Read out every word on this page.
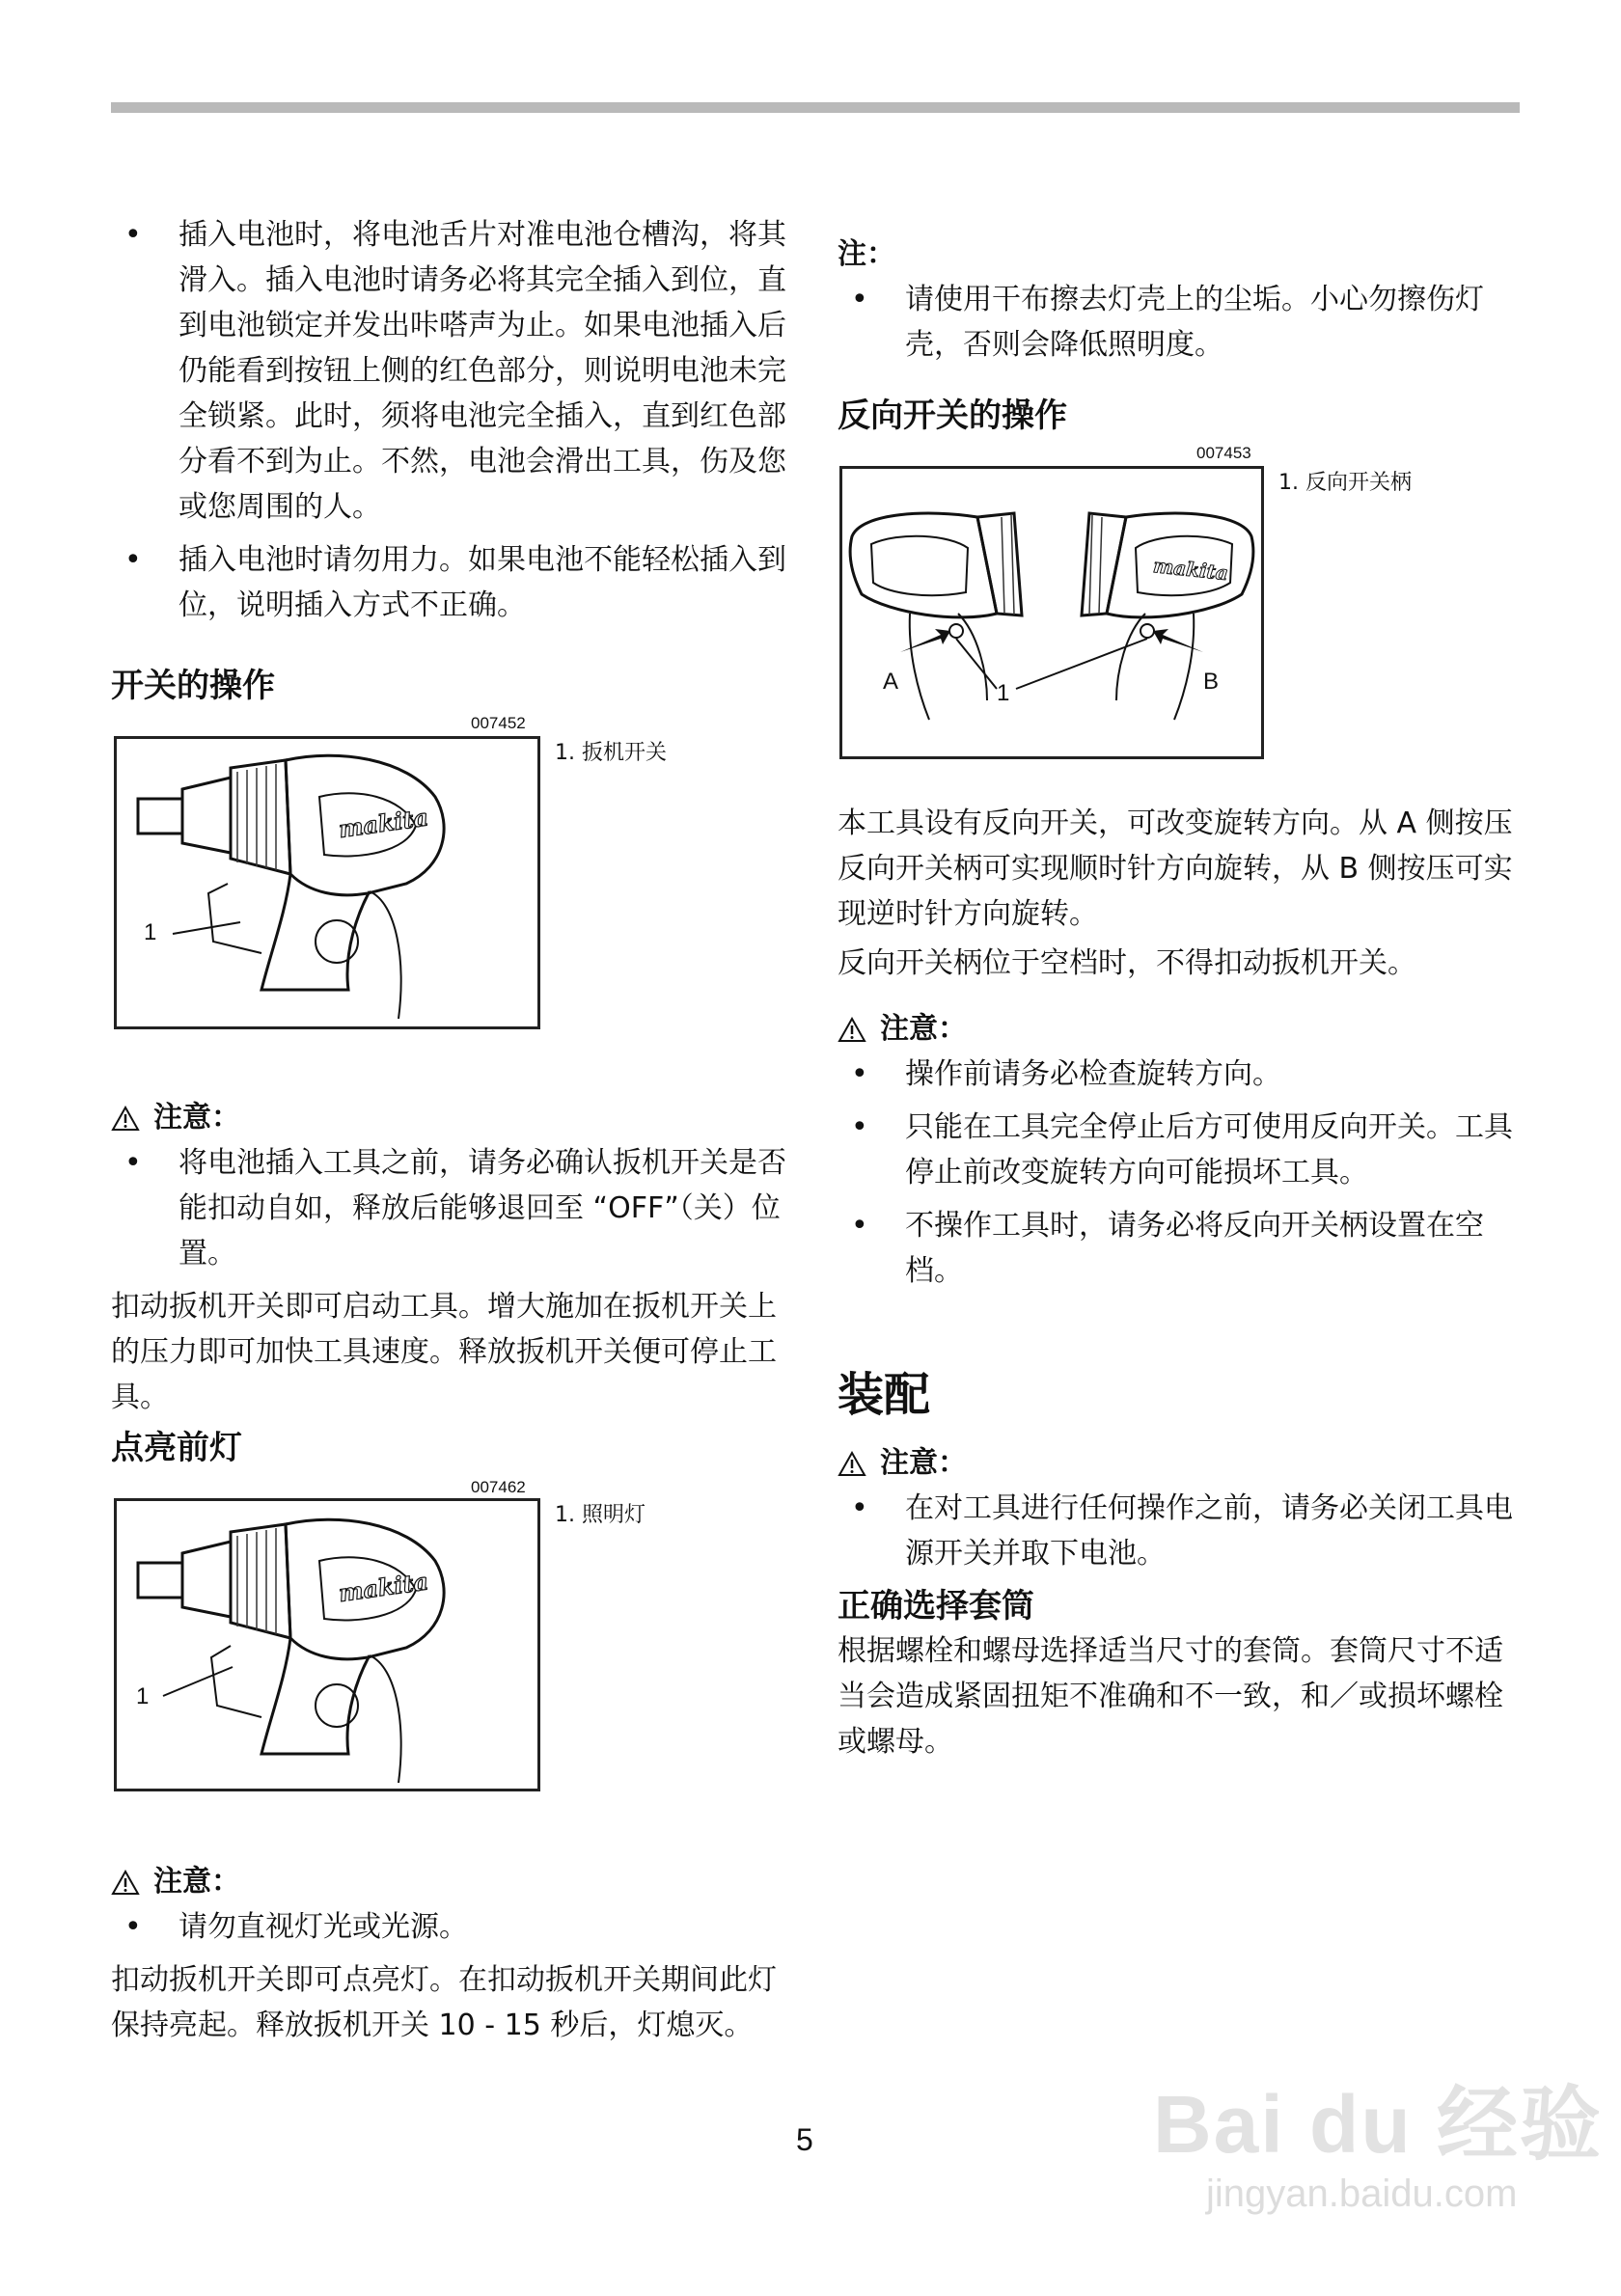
• 插入电池时，将电池舌片对准电池仓槽沟，将其滑入。插入电池时请务必将其完全插入到位，直到电池锁定并发出咔嗒声为止。如果电池插入后仍能看到按钮上侧的红色部分，则说明电池未完全锁紧。此时，须将电池完全插入，直到红色部分看不到为止。不然，电池会滑出工具，伤及您或您周围的人。
• 插入电池时请勿用力。如果电池不能轻松插入到位，说明插入方式不正确。

开关的操作

007452
makita
1
1. 扳机开关

注意：

• 将电池插入工具之前，请务必确认扳机开关是否能扣动自如，释放后能够退回至 “OFF”（关）位置。

扣动扳机开关即可启动工具。增大施加在扳机开关上的压力即可加快工具速度。释放扳机开关便可停止工具。

点亮前灯

007462
makita
1
1. 照明灯

注意：

• 请勿直视灯光或光源。

扣动扳机开关即可点亮灯。在扣动扳机开关期间此灯保持亮起。释放扳机开关 10 - 15 秒后，灯熄灭。

注：

• 请使用干布擦去灯壳上的尘垢。小心勿擦伤灯壳，否则会降低照明度。

反向开关的操作

007453
makita
A	1	B
1. 反向开关柄

本工具设有反向开关，可改变旋转方向。从 A 侧按压反向开关柄可实现顺时针方向旋转，从 B 侧按压可实现逆时针方向旋转。

反向开关柄位于空档时，不得扣动扳机开关。

注意：

• 操作前请务必检查旋转方向。
• 只能在工具完全停止后方可使用反向开关。工具停止前改变旋转方向可能损坏工具。
• 不操作工具时，请务必将反向开关柄设置在空档。

装配

注意：

• 在对工具进行任何操作之前，请务必关闭工具电源开关并取下电池。

正确选择套筒

根据螺栓和螺母选择适当尺寸的套筒。套筒尺寸不适当会造成紧固扭矩不准确和不一致，和／或损坏螺栓或螺母。

5	Bai du 经验
jingyan.baidu.com
